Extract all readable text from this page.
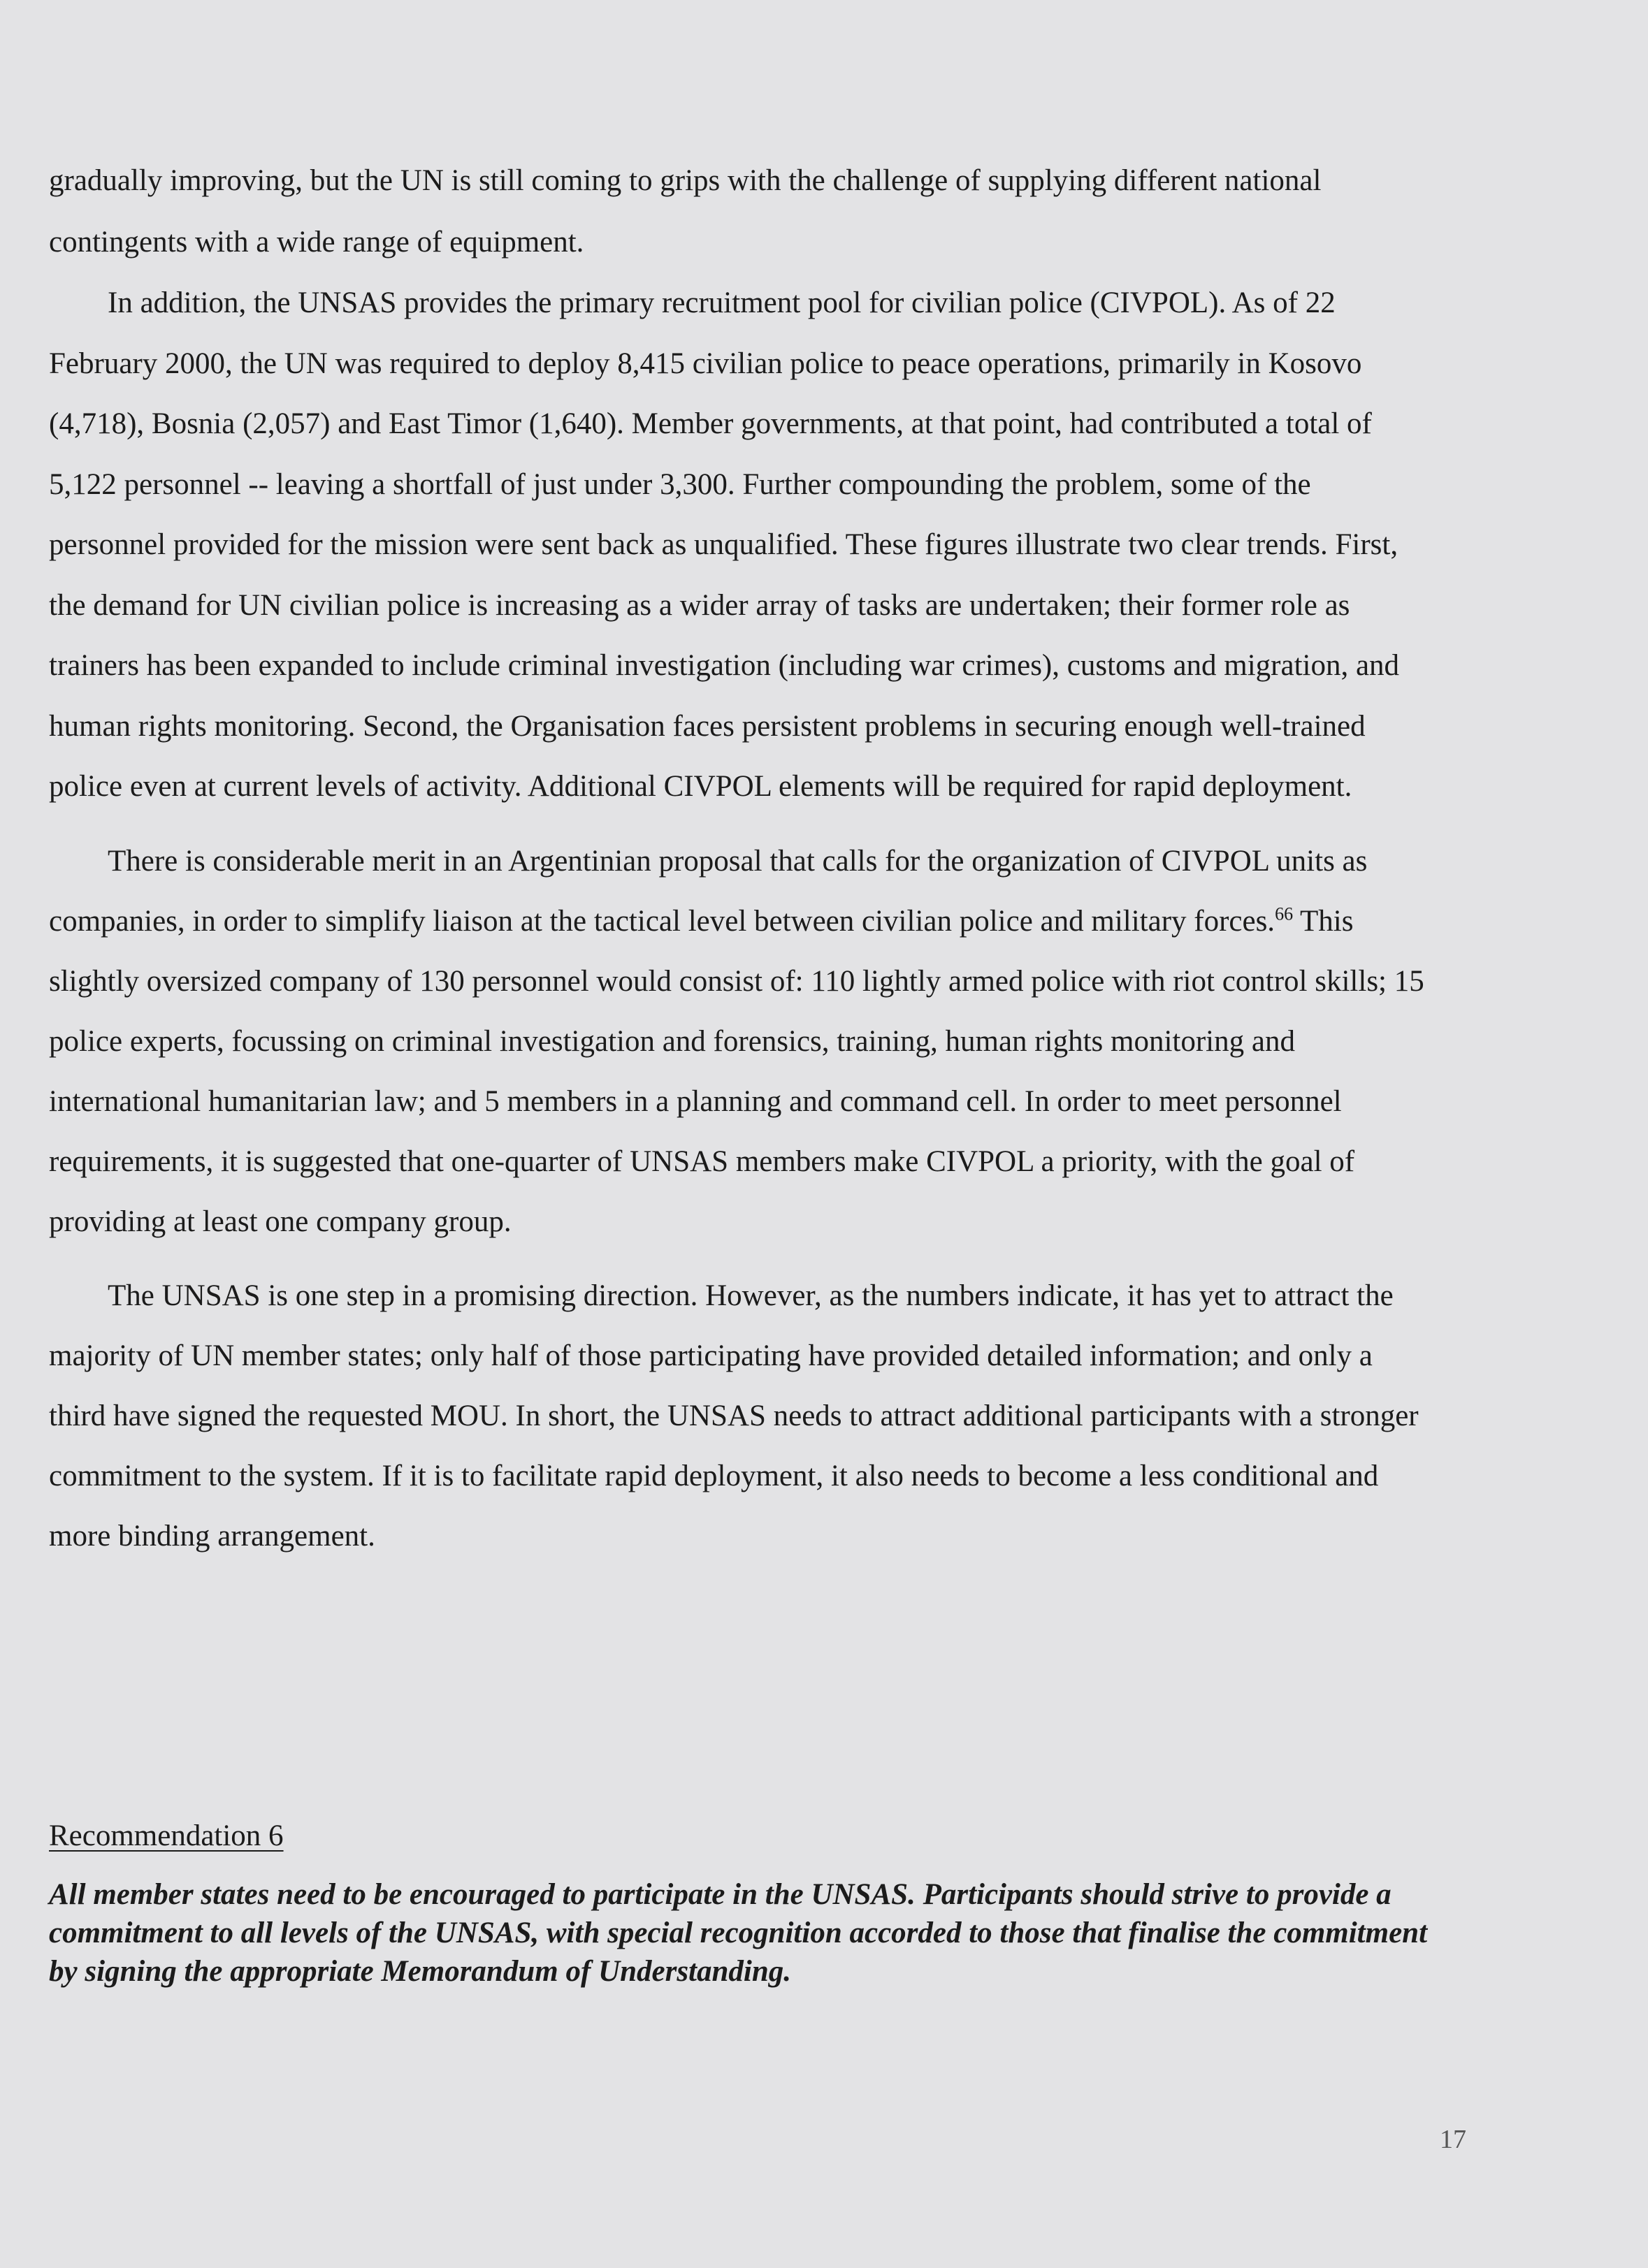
gradually improving, but the UN is still coming to grips with the challenge of supplying different national contingents with a wide range of equipment.

In addition, the UNSAS provides the primary recruitment pool for civilian police (CIVPOL). As of 22 February 2000, the UN was required to deploy 8,415 civilian police to peace operations, primarily in Kosovo (4,718), Bosnia (2,057) and East Timor (1,640). Member governments, at that point, had contributed a total of 5,122 personnel -- leaving a shortfall of just under 3,300. Further compounding the problem, some of the personnel provided for the mission were sent back as unqualified. These figures illustrate two clear trends. First, the demand for UN civilian police is increasing as a wider array of tasks are undertaken; their former role as trainers has been expanded to include criminal investigation (including war crimes), customs and migration, and human rights monitoring. Second, the Organisation faces persistent problems in securing enough well-trained police even at current levels of activity. Additional CIVPOL elements will be required for rapid deployment.

There is considerable merit in an Argentinian proposal that calls for the organization of CIVPOL units as companies, in order to simplify liaison at the tactical level between civilian police and military forces.$^{66}$ This slightly oversized company of 130 personnel would consist of: 110 lightly armed police with riot control skills; 15 police experts, focussing on criminal investigation and forensics, training, human rights monitoring and international humanitarian law; and 5 members in a planning and command cell. In order to meet personnel requirements, it is suggested that one-quarter of UNSAS members make CIVPOL a priority, with the goal of providing at least one company group.

The UNSAS is one step in a promising direction. However, as the numbers indicate, it has yet to attract the majority of UN member states; only half of those participating have provided detailed information; and only a third have signed the requested MOU. In short, the UNSAS needs to attract additional participants with a stronger commitment to the system. If it is to facilitate rapid deployment, it also needs to become a less conditional and more binding arrangement.

Recommendation 6
All member states need to be encouraged to participate in the UNSAS. Participants should strive to provide a commitment to all levels of the UNSAS, with special recognition accorded to those that finalise the commitment by signing the appropriate Memorandum of Understanding.
17
